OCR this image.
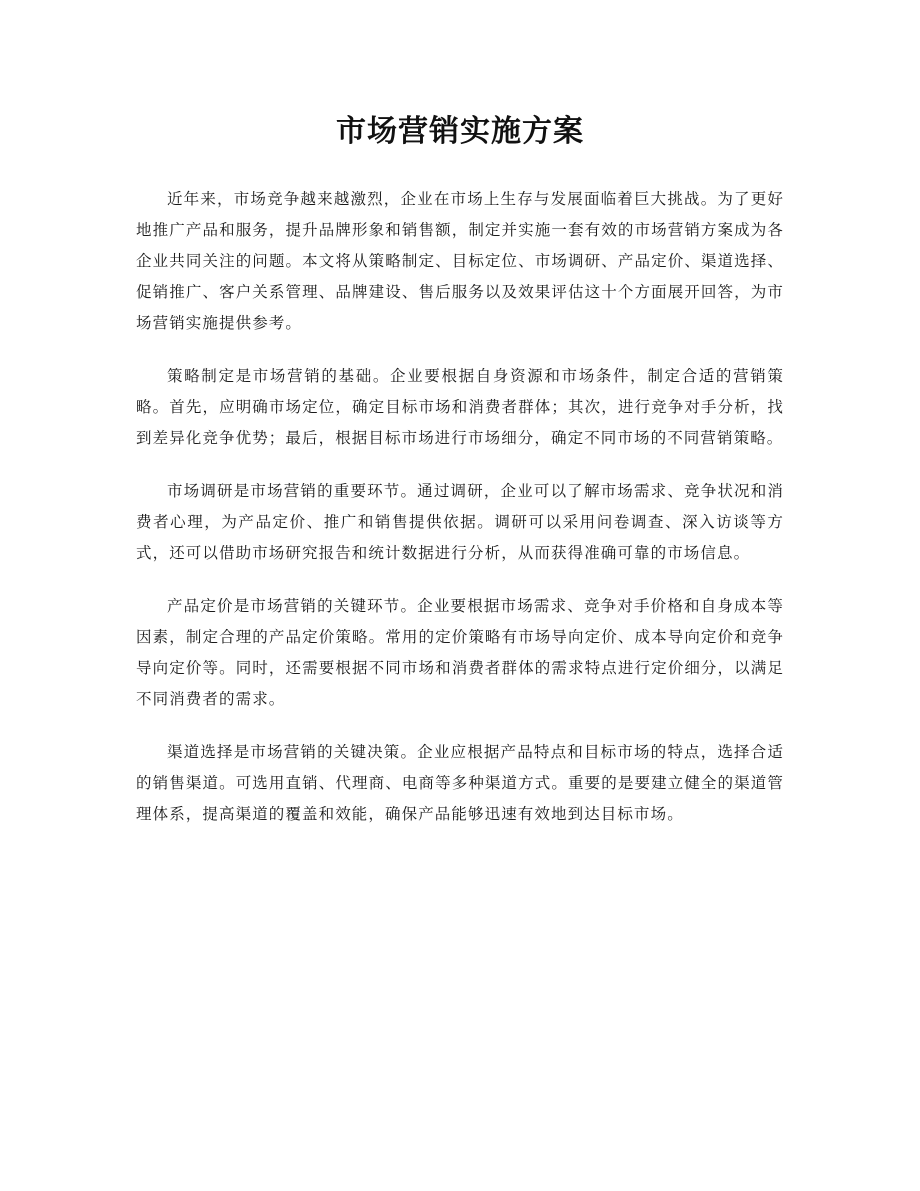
市场营销实施方案

近年来，市场竞争越来越激烈，企业在市场上生存与发展面临着巨大挑战。为了更好地推广产品和服务，提升品牌形象和销售额，制定并实施一套有效的市场营销方案成为各企业共同关注的问题。本文将从策略制定、目标定位、市场调研、产品定价、渠道选择、促销推广、客户关系管理、品牌建设、售后服务以及效果评估这十个方面展开回答，为市场营销实施提供参考。

策略制定是市场营销的基础。企业要根据自身资源和市场条件，制定合适的营销策略。首先，应明确市场定位，确定目标市场和消费者群体；其次，进行竞争对手分析，找到差异化竞争优势；最后，根据目标市场进行市场细分，确定不同市场的不同营销策略。

市场调研是市场营销的重要环节。通过调研，企业可以了解市场需求、竞争状况和消费者心理，为产品定价、推广和销售提供依据。调研可以采用问卷调查、深入访谈等方式，还可以借助市场研究报告和统计数据进行分析，从而获得准确可靠的市场信息。

产品定价是市场营销的关键环节。企业要根据市场需求、竞争对手价格和自身成本等因素，制定合理的产品定价策略。常用的定价策略有市场导向定价、成本导向定价和竞争导向定价等。同时，还需要根据不同市场和消费者群体的需求特点进行定价细分，以满足不同消费者的需求。

渠道选择是市场营销的关键决策。企业应根据产品特点和目标市场的特点，选择合适的销售渠道。可选用直销、代理商、电商等多种渠道方式。重要的是要建立健全的渠道管理体系，提高渠道的覆盖和效能，确保产品能够迅速有效地到达目标市场。
